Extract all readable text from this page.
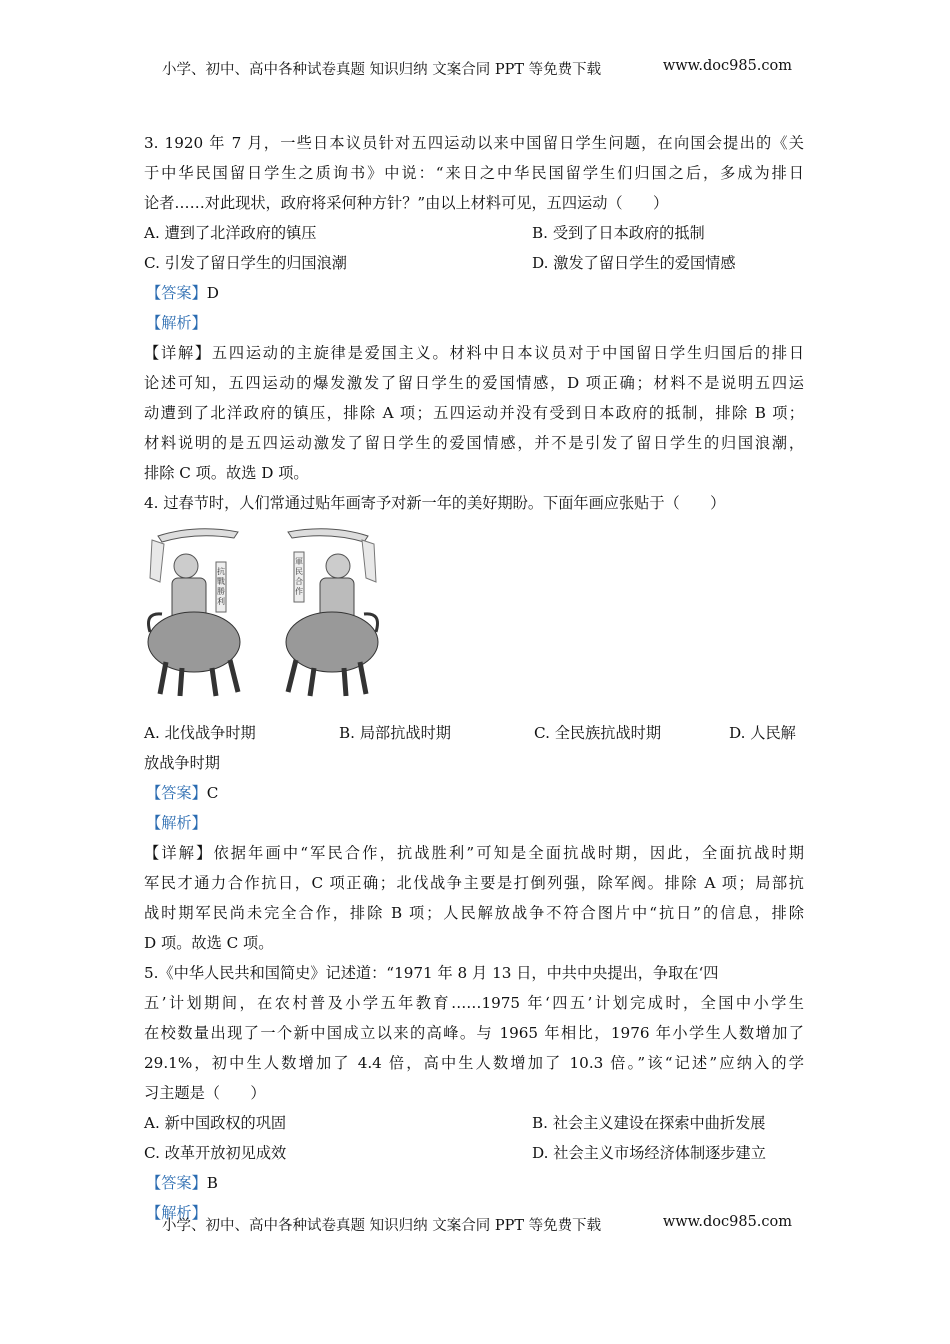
小学、初中、高中各种试卷真题 知识归纳 文案合同 PPT 等免费下载	www.doc985.com
3. 1920 年 7 月，一些日本议员针对五四运动以来中国留日学生问题，在向国会提出的《关
于中华民国留日学生之质询书》中说：“来日之中华民国留学生们归国之后，多成为排日
论者……对此现状，政府将采何种方针？”由以上材料可见，五四运动（　　）
A. 遭到了北洋政府的镇压	B. 受到了日本政府的抵制
C. 引发了留日学生的归国浪潮	D. 激发了留日学生的爱国情感
【答案】D
【解析】
【详解】五四运动的主旋律是爱国主义。材料中日本议员对于中国留日学生归国后的排日
论述可知，五四运动的爆发激发了留日学生的爱国情感，D 项正确；材料不是说明五四运
动遭到了北洋政府的镇压，排除 A 项；五四运动并没有受到日本政府的抵制，排除 B 项；
材料说明的是五四运动激发了留日学生的爱国情感，并不是引发了留日学生的归国浪潮，
排除 C 项。故选 D 项。
4. 过春节时，人们常通过贴年画寄予对新一年的美好期盼。下面年画应张贴于（　　）
抗
戰
勝
利
軍
民
合
作
A. 北伐战争时期	B. 局部抗战时期	C. 全民族抗战时期	D. 人民解
放战争时期
【答案】C
【解析】
【详解】依据年画中“军民合作，抗战胜利”可知是全面抗战时期，因此，全面抗战时期
军民才通力合作抗日，C 项正确；北伐战争主要是打倒列强，除军阀。排除 A 项；局部抗
战时期军民尚未完全合作，排除 B 项；人民解放战争不符合图片中“抗日”的信息，排除
D 项。故选 C 项。
5.《中华人民共和国简史》记述道：“1971 年 8 月 13 日，中共中央提出，争取在‘四
五’计划期间，在农村普及小学五年教育……1975 年‘四五’计划完成时，全国中小学生
在校数量出现了一个新中国成立以来的高峰。与 1965 年相比，1976 年小学生人数增加了
29.1%，初中生人数增加了 4.4 倍，高中生人数增加了 10.3 倍。”该“记述”应纳入的学
习主题是（　　）
A. 新中国政权的巩固	B. 社会主义建设在探索中曲折发展
C. 改革开放初见成效	D. 社会主义市场经济体制逐步建立
【答案】B
【解析】
小学、初中、高中各种试卷真题 知识归纳 文案合同 PPT 等免费下载	www.doc985.com
